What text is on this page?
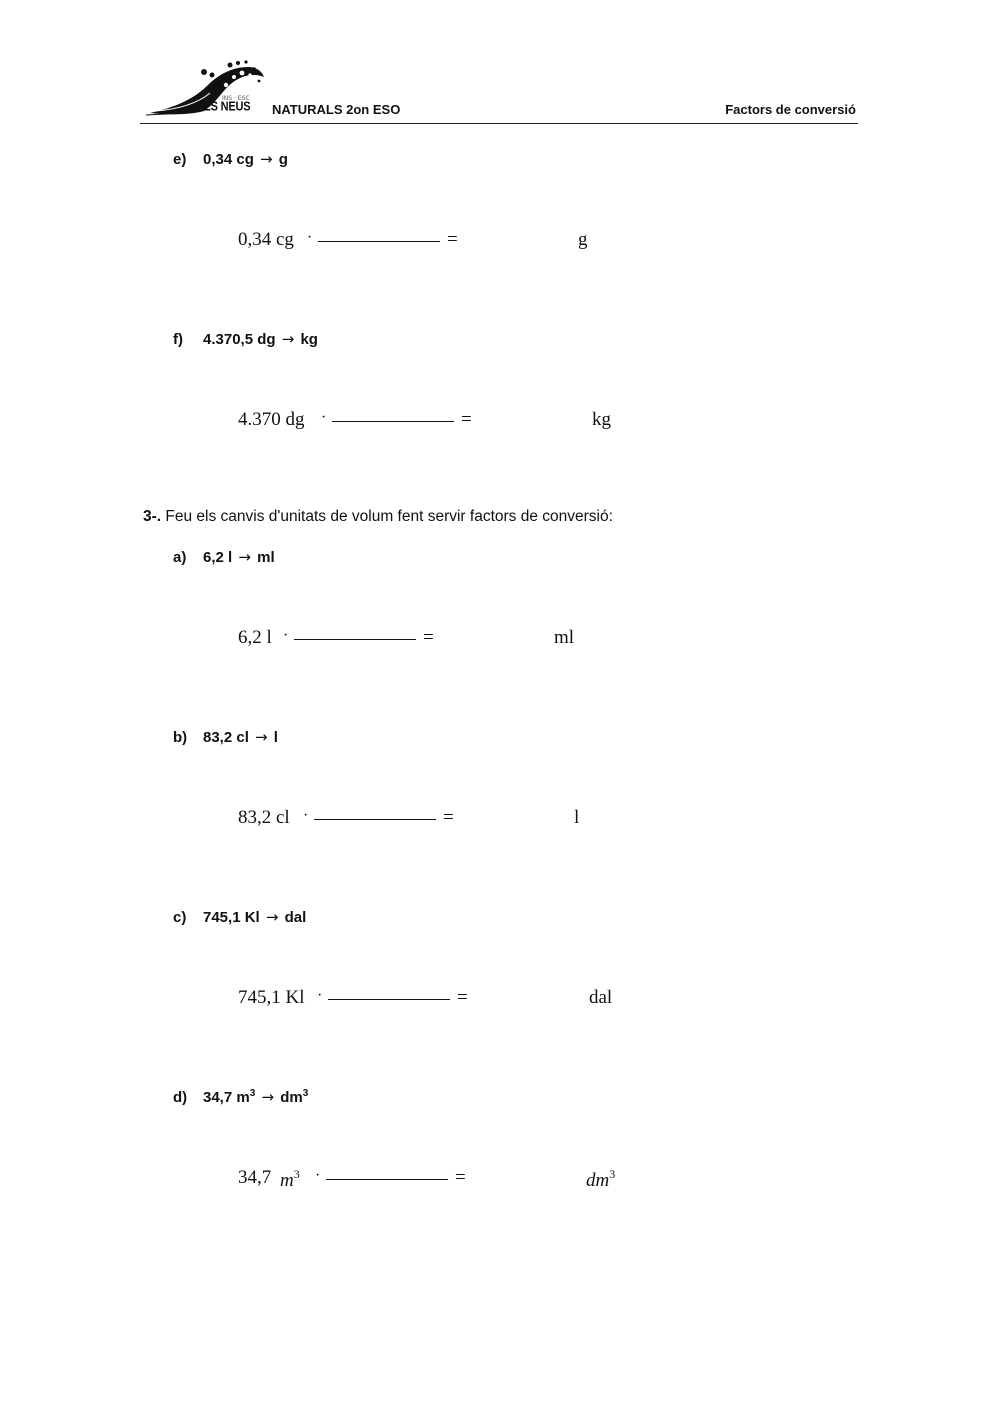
INS · ESC
LES NEUS NATURALS 2on ESO	Factors de conversió
e) 0,34 cg → g
0,34 cg ·	=	g
f) 4.370,5 dg → kg
4.370 dg ·	=	kg
3-. Feu els canvis d'unitats de volum fent servir factors de conversió:
a) 6,2 l → ml
6,2 l ·	=	ml
b) 83,2 cl → l
83,2 cl ·	=	l
c) 745,1 Kl → dal
745,1 Kl ·	=	dal
d) 34,7 $m^3 \to dm^3$
34,7 $m^3$ ·	=	$dm^3$
